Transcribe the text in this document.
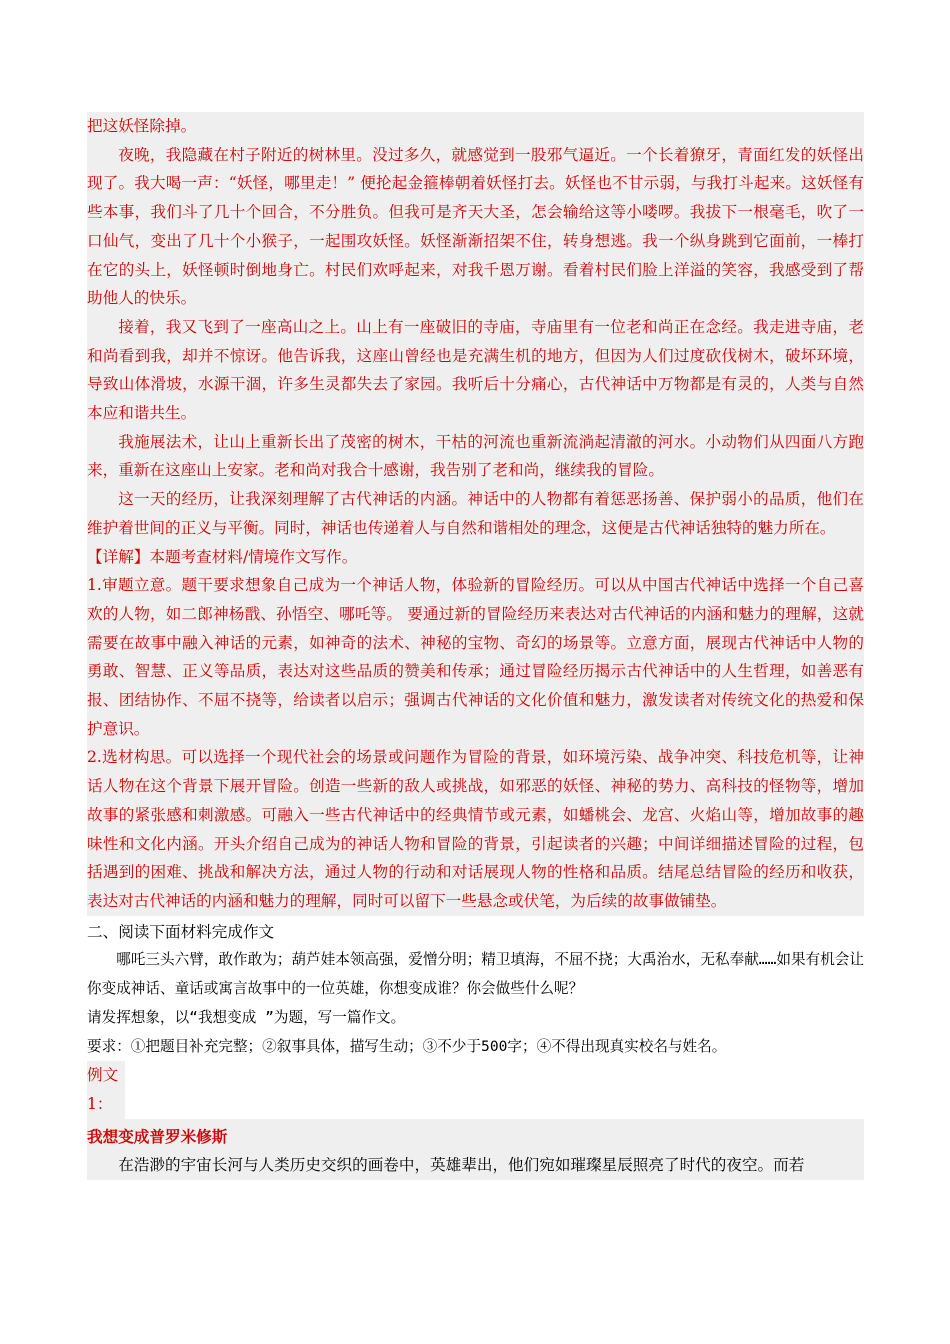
把这妖怪除掉。

夜晚，我隐藏在村子附近的树林里。没过多久，就感觉到一股邪气逼近。一个长着獠牙，青面红发的妖怪出现了。我大喝一声：“妖怪，哪里走！” 便抡起金箍棒朝着妖怪打去。妖怪也不甘示弱，与我打斗起来。这妖怪有些本事，我们斗了几十个回合，不分胜负。但我可是齐天大圣，怎会输给这等小喽啰。我拔下一根毫毛，吹了一口仙气，变出了几十个小猴子，一起围攻妖怪。妖怪渐渐招架不住，转身想逃。我一个纵身跳到它面前，一棒打在它的头上，妖怪顿时倒地身亡。村民们欢呼起来，对我千恩万谢。看着村民们脸上洋溢的笑容，我感受到了帮助他人的快乐。

接着，我又飞到了一座高山之上。山上有一座破旧的寺庙，寺庙里有一位老和尚正在念经。我走进寺庙，老和尚看到我，却并不惊讶。他告诉我，这座山曾经也是充满生机的地方，但因为人们过度砍伐树木，破坏环境，导致山体滑坡，水源干涸，许多生灵都失去了家园。我听后十分痛心，古代神话中万物都是有灵的，人类与自然本应和谐共生。

我施展法术，让山上重新长出了茂密的树木，干枯的河流也重新流淌起清澈的河水。小动物们从四面八方跑来，重新在这座山上安家。老和尚对我合十感谢，我告别了老和尚，继续我的冒险。

这一天的经历，让我深刻理解了古代神话的内涵。神话中的人物都有着惩恶扬善、保护弱小的品质，他们在维护着世间的正义与平衡。同时，神话也传递着人与自然和谐相处的理念，这便是古代神话独特的魅力所在。

【详解】本题考查材料/情境作文写作。

1.审题立意。题干要求想象自己成为一个神话人物，体验新的冒险经历。可以从中国古代神话中选择一个自己喜欢的人物，如二郎神杨戬、孙悟空、哪吒等。 要通过新的冒险经历来表达对古代神话的内涵和魅力的理解，这就需要在故事中融入神话的元素，如神奇的法术、神秘的宝物、奇幻的场景等。立意方面，展现古代神话中人物的勇敢、智慧、正义等品质，表达对这些品质的赞美和传承；通过冒险经历揭示古代神话中的人生哲理，如善恶有报、团结协作、不屈不挠等，给读者以启示；强调古代神话的文化价值和魅力，激发读者对传统文化的热爱和保护意识。

2.选材构思。可以选择一个现代社会的场景或问题作为冒险的背景，如环境污染、战争冲突、科技危机等，让神话人物在这个背景下展开冒险。创造一些新的敌人或挑战，如邪恶的妖怪、神秘的势力、高科技的怪物等，增加故事的紧张感和刺激感。可融入一些古代神话中的经典情节或元素，如蟠桃会、龙宫、火焰山等，增加故事的趣味性和文化内涵。开头介绍自己成为的神话人物和冒险的背景，引起读者的兴趣；中间详细描述冒险的过程，包括遇到的困难、挑战和解决方法，通过人物的行动和对话展现人物的性格和品质。结尾总结冒险的经历和收获，表达对古代神话的内涵和魅力的理解，同时可以留下一些悬念或伏笔，为后续的故事做铺垫。

二、阅读下面材料完成作文

哪吒三头六臂，敢作敢为；葫芦娃本领高强，爱憎分明；精卫填海，不屈不挠；大禹治水，无私奉献……如果有机会让你变成神话、童话或寓言故事中的一位英雄，你想变成谁？你会做些什么呢？

请发挥想象，以“我想变成 ”为题，写一篇作文。

要求：①把题目补充完整；②叙事具体，描写生动；③不少于500字；④不得出现真实校名与姓名。

例文1：

我想变成普罗米修斯

在浩渺的宇宙长河与人类历史交织的画卷中，英雄辈出，他们宛如璀璨星辰照亮了时代的夜空。而若
